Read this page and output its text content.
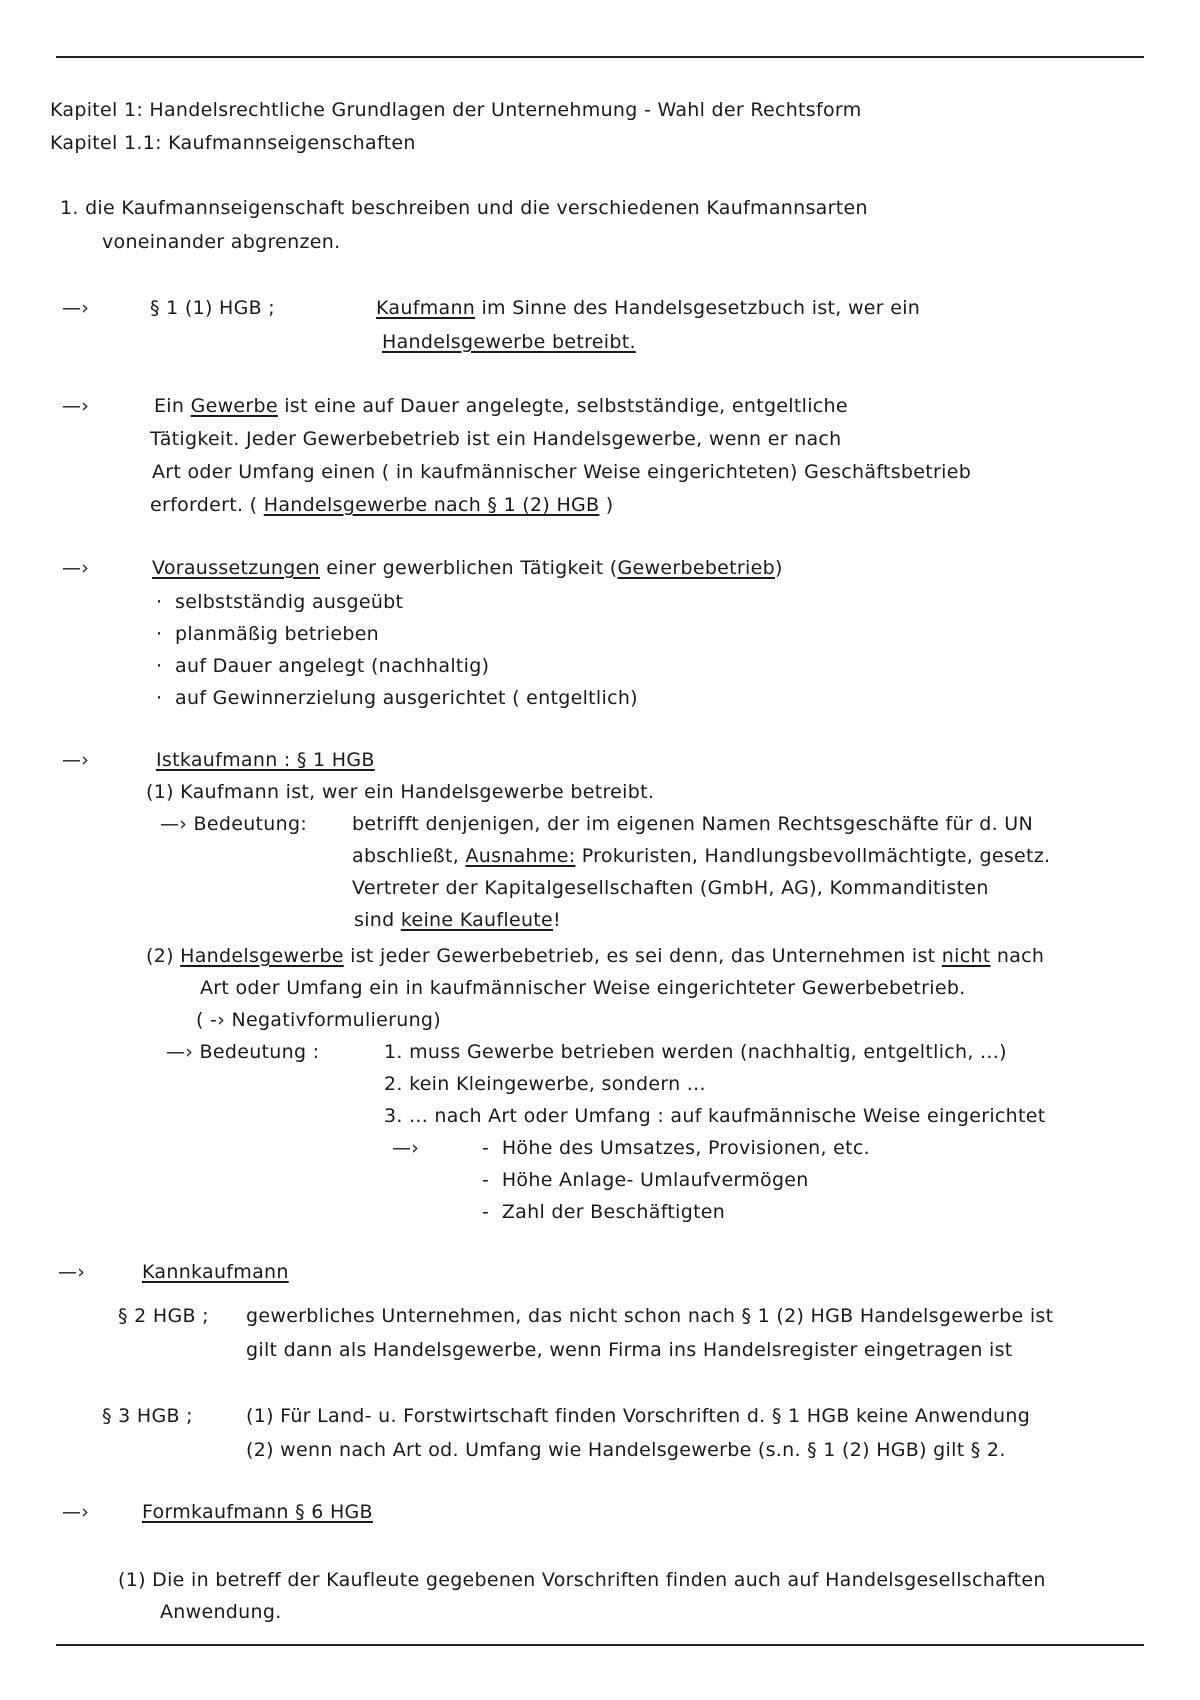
Kapitel 1: Handelsrechtliche Grundlagen der Unternehmung - Wahl der Rechtsform
Kapitel 1.1: Kaufmannseigenschaften
1. die Kaufmannseigenschaft beschreiben und die verschiedenen Kaufmannsarten
voneinander abgrenzen.
—›	§ 1 (1) HGB ;	Kaufmann im Sinne des Handelsgesetzbuch ist, wer ein
Handelsgewerbe betreibt.
—›	Ein Gewerbe ist eine auf Dauer angelegte, selbstständige, entgeltliche
Tätigkeit. Jeder Gewerbebetrieb ist ein Handelsgewerbe, wenn er nach
Art oder Umfang einen ( in kaufmännischer Weise eingerichteten) Geschäftsbetrieb
erfordert. ( Handelsgewerbe nach § 1 (2) HGB )
—›	Voraussetzungen einer gewerblichen Tätigkeit (Gewerbebetrieb)
·  selbstständig ausgeübt
·  planmäßig betrieben
·  auf Dauer angelegt (nachhaltig)
·  auf Gewinnerzielung ausgerichtet ( entgeltlich)
—›	Istkaufmann : § 1 HGB
(1) Kaufmann ist, wer ein Handelsgewerbe betreibt.
—› Bedeutung: betrifft denjenigen, der im eigenen Namen Rechtsgeschäfte für d. UN
abschließt, Ausnahme: Prokuristen, Handlungsbevollmächtigte, gesetz.
Vertreter der Kapitalgesellschaften (GmbH, AG), Kommanditisten
sind keine Kaufleute!
(2) Handelsgewerbe ist jeder Gewerbebetrieb, es sei denn, das Unternehmen ist nicht nach
Art oder Umfang ein in kaufmännischer Weise eingerichteter Gewerbebetrieb.
( -› Negativformulierung)
—› Bedeutung :	1. muss Gewerbe betrieben werden (nachhaltig, entgeltlich, ...)
2. kein Kleingewerbe, sondern ...
3. ... nach Art oder Umfang : auf kaufmännische Weise eingerichtet
—›	-  Höhe des Umsatzes, Provisionen, etc.
-  Höhe Anlage- Umlaufvermögen
-  Zahl der Beschäftigten
—›	Kannkaufmann
§ 2 HGB ; gewerbliches Unternehmen, das nicht schon nach § 1 (2) HGB Handelsgewerbe ist
gilt dann als Handelsgewerbe, wenn Firma ins Handelsregister eingetragen ist
§ 3 HGB ;	(1) Für Land- u. Forstwirtschaft finden Vorschriften d. § 1 HGB keine Anwendung
(2) wenn nach Art od. Umfang wie Handelsgewerbe (s.n. § 1 (2) HGB) gilt § 2.
—›	Formkaufmann § 6 HGB
(1) Die in betreff der Kaufleute gegebenen Vorschriften finden auch auf Handelsgesellschaften
Anwendung.
